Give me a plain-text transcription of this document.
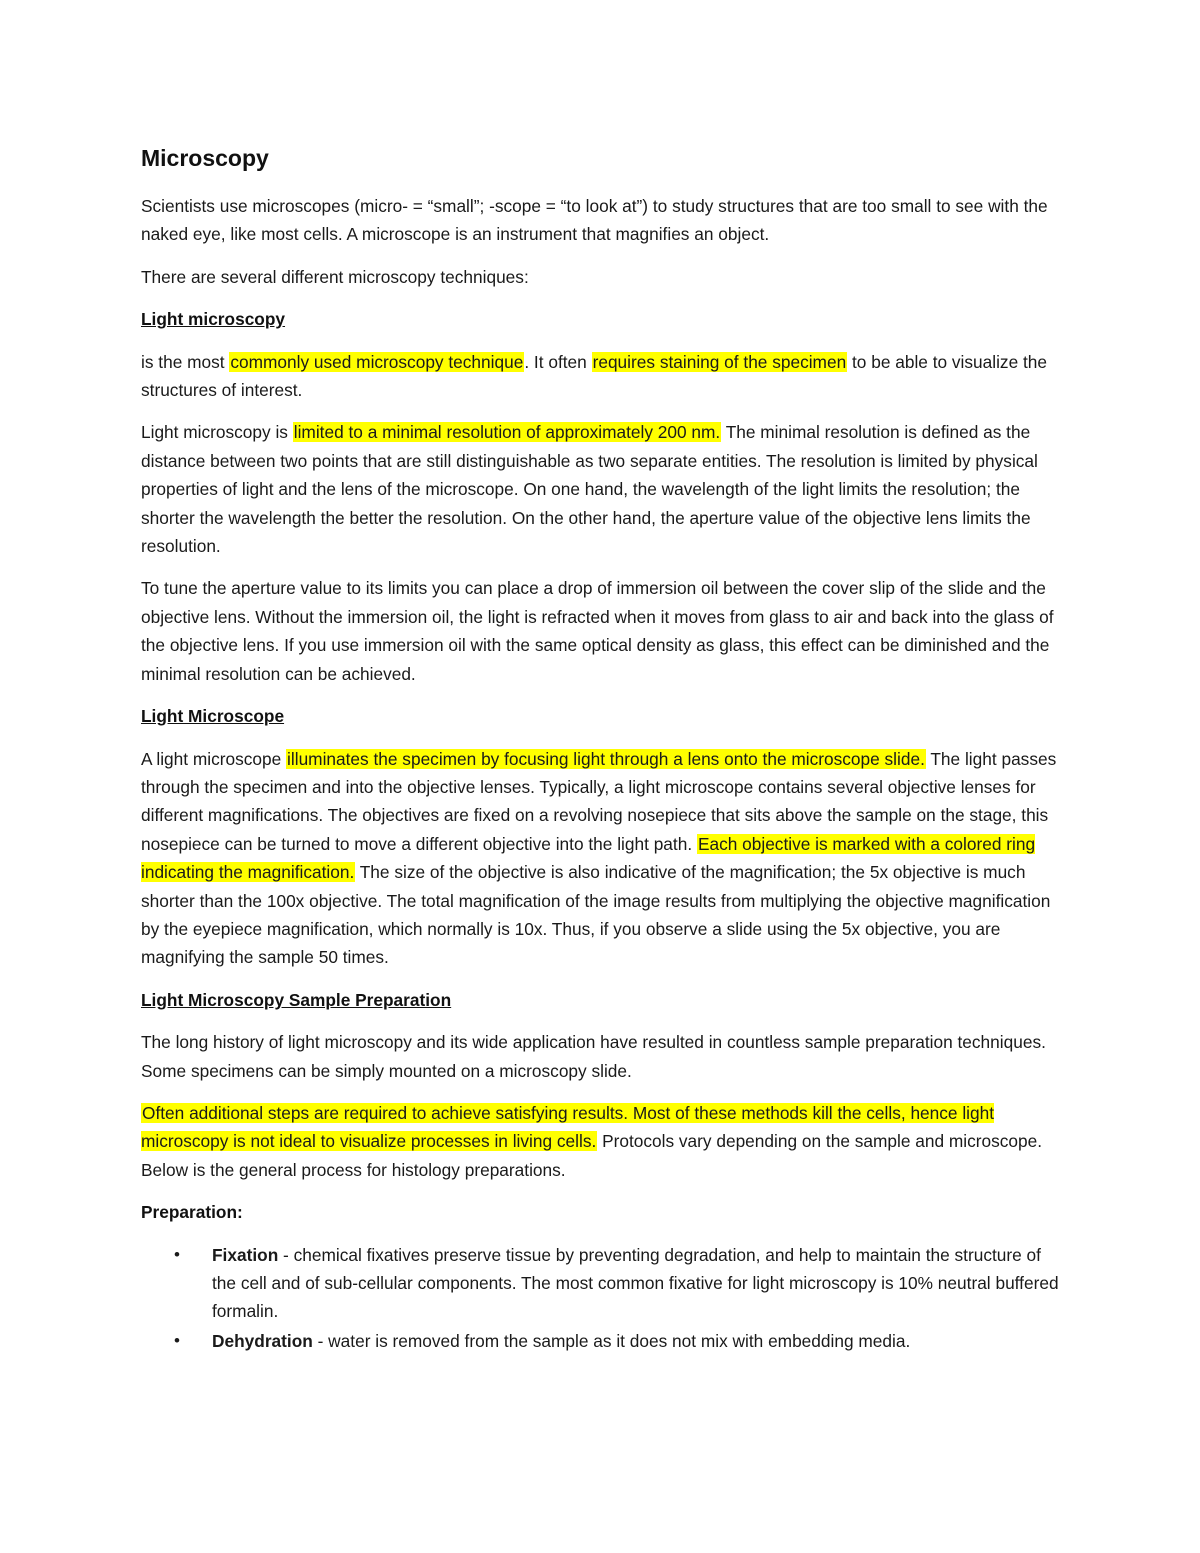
Microscopy

Scientists use microscopes (micro- = “small”; -scope = “to look at”) to study structures that are too small to see with the naked eye, like most cells. A microscope is an instrument that magnifies an object.

There are several different microscopy techniques:

Light microscopy

is the most commonly used microscopy technique. It often requires staining of the specimen to be able to visualize the structures of interest.

Light microscopy is limited to a minimal resolution of approximately 200 nm. The minimal resolution is defined as the distance between two points that are still distinguishable as two separate entities. The resolution is limited by physical properties of light and the lens of the microscope. On one hand, the wavelength of the light limits the resolution; the shorter the wavelength the better the resolution. On the other hand, the aperture value of the objective lens limits the resolution.

To tune the aperture value to its limits you can place a drop of immersion oil between the cover slip of the slide and the objective lens. Without the immersion oil, the light is refracted when it moves from glass to air and back into the glass of the objective lens. If you use immersion oil with the same optical density as glass, this effect can be diminished and the minimal resolution can be achieved.

Light Microscope

A light microscope illuminates the specimen by focusing light through a lens onto the microscope slide. The light passes through the specimen and into the objective lenses. Typically, a light microscope contains several objective lenses for different magnifications. The objectives are fixed on a revolving nosepiece that sits above the sample on the stage, this nosepiece can be turned to move a different objective into the light path. Each objective is marked with a colored ring indicating the magnification. The size of the objective is also indicative of the magnification; the 5x objective is much shorter than the 100x objective. The total magnification of the image results from multiplying the objective magnification by the eyepiece magnification, which normally is 10x. Thus, if you observe a slide using the 5x objective, you are magnifying the sample 50 times.

Light Microscopy Sample Preparation

The long history of light microscopy and its wide application have resulted in countless sample preparation techniques. Some specimens can be simply mounted on a microscopy slide.

Often additional steps are required to achieve satisfying results. Most of these methods kill the cells, hence light microscopy is not ideal to visualize processes in living cells. Protocols vary depending on the sample and microscope. Below is the general process for histology preparations.

Preparation:
• Fixation - chemical fixatives preserve tissue by preventing degradation, and help to maintain the structure of the cell and of sub-cellular components. The most common fixative for light microscopy is 10% neutral buffered formalin.
• Dehydration - water is removed from the sample as it does not mix with embedding media.
